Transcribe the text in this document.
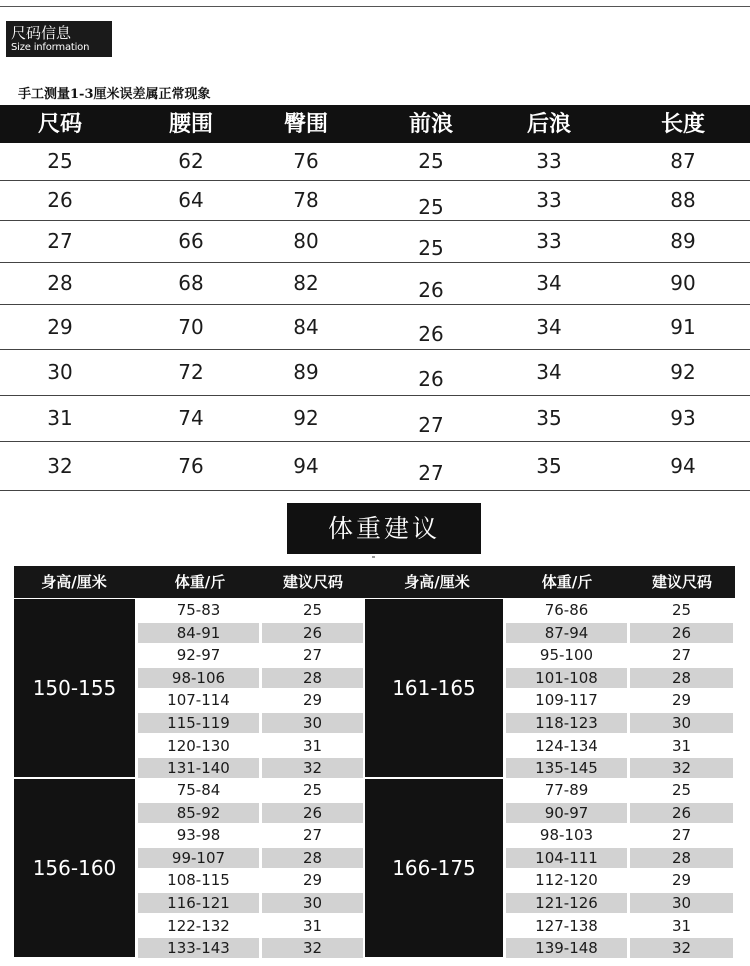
尺码信息
Size information
手工测量1-3厘米误差属正常现象
尺码	腰围	臀围	前浪	后浪	长度
25	62	76	25	33	87
26	64	78	25	33	88
27	66	80	25	33	89
28	68	82	26	34	90
29	70	84	26	34	91
30	72	89	26	34	92
31	74	92	27	35	93
32	76	94	27	35	94
体重建议
身高/厘米	体重/斤	建议尺码	身高/厘米	体重/斤	建议尺码
150-155
75-83	25
84-91	26
92-97	27
98-106	28
107-114	29
115-119	30
120-130	31
131-140	32
161-165
76-86	25
87-94	26
95-100	27
101-108	28
109-117	29
118-123	30
124-134	31
135-145	32
156-160
75-84	25
85-92	26
93-98	27
99-107	28
108-115	29
116-121	30
122-132	31
133-143	32
166-175
77-89	25
90-97	26
98-103	27
104-111	28
112-120	29
121-126	30
127-138	31
139-148	32
